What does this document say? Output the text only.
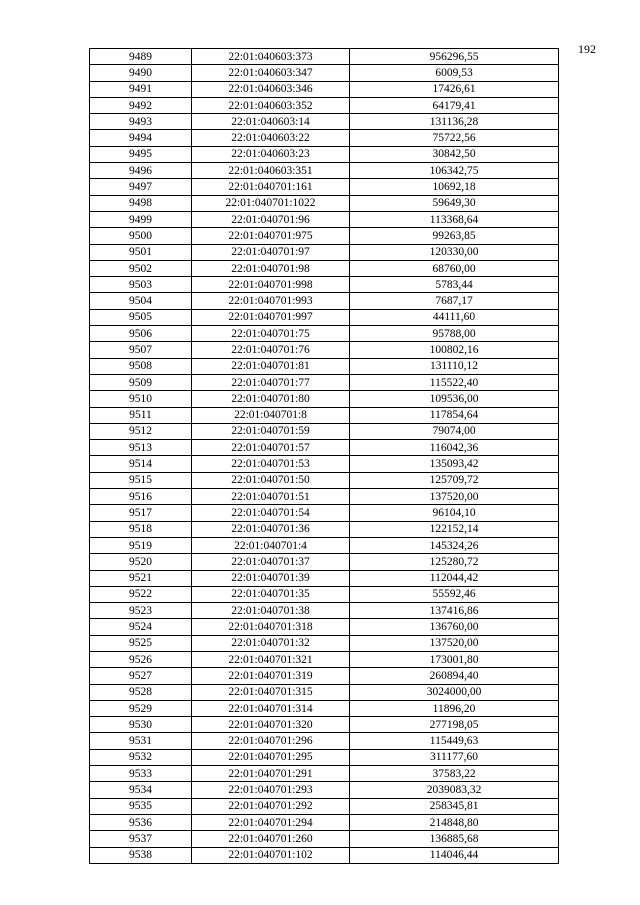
192
9489	22:01:040603:373	956296,55
9490	22:01:040603:347	6009,53
9491	22:01:040603:346	17426,61
9492	22:01:040603:352	64179,41
9493	22:01:040603:14	131136,28
9494	22:01:040603:22	75722,56
9495	22:01:040603:23	30842,50
9496	22:01:040603:351	106342,75
9497	22:01:040701:161	10692,18
9498	22:01:040701:1022	59649,30
9499	22:01:040701:96	113368,64
9500	22:01:040701:975	99263,85
9501	22:01:040701:97	120330,00
9502	22:01:040701:98	68760,00
9503	22:01:040701:998	5783,44
9504	22:01:040701:993	7687,17
9505	22:01:040701:997	44111,60
9506	22:01:040701:75	95788,00
9507	22:01:040701:76	100802,16
9508	22:01:040701:81	131110,12
9509	22:01:040701:77	115522,40
9510	22:01:040701:80	109536,00
9511	22:01:040701:8	117854,64
9512	22:01:040701:59	79074,00
9513	22:01:040701:57	116042,36
9514	22:01:040701:53	135093,42
9515	22:01:040701:50	125709,72
9516	22:01:040701:51	137520,00
9517	22:01:040701:54	96104,10
9518	22:01:040701:36	122152,14
9519	22:01:040701:4	145324,26
9520	22:01:040701:37	125280,72
9521	22:01:040701:39	112044,42
9522	22:01:040701:35	55592,46
9523	22:01:040701:38	137416,86
9524	22:01:040701:318	136760,00
9525	22:01:040701:32	137520,00
9526	22:01:040701:321	173001,80
9527	22:01:040701:319	260894,40
9528	22:01:040701:315	3024000,00
9529	22:01:040701:314	11896,20
9530	22:01:040701:320	277198,05
9531	22:01:040701:296	115449,63
9532	22:01:040701:295	311177,60
9533	22:01:040701:291	37583,22
9534	22:01:040701:293	2039083,32
9535	22:01:040701:292	258345,81
9536	22:01:040701:294	214848,80
9537	22:01:040701:260	136885,68
9538	22:01:040701:102	114046,44
